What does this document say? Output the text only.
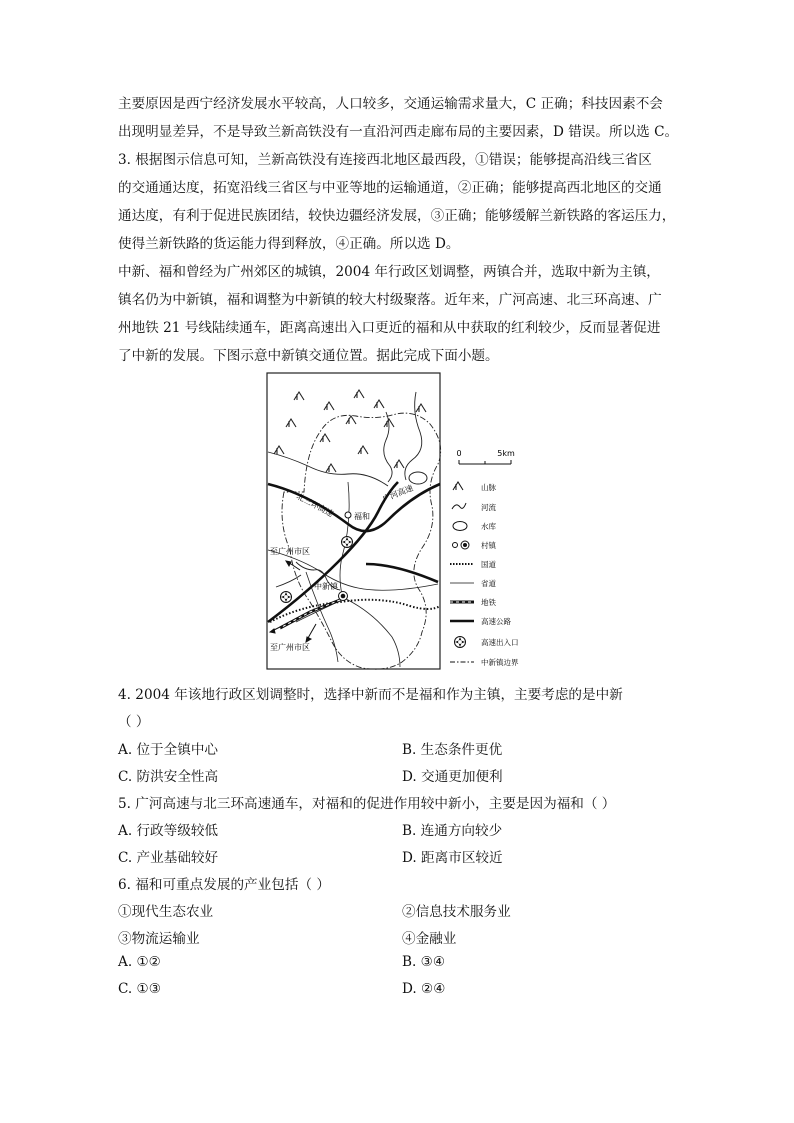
主要原因是西宁经济发展水平较高，人口较多，交通运输需求量大，C 正确；科技因素不会
出现明显差异，不是导致兰新高铁没有一直沿河西走廊布局的主要因素，D 错误。所以选 C。
3. 根据图示信息可知，兰新高铁没有连接西北地区最西段，①错误；能够提高沿线三省区
的交通通达度，拓宽沿线三省区与中亚等地的运输通道，②正确；能够提高西北地区的交通
通达度，有利于促进民族团结，较快边疆经济发展，③正确；能够缓解兰新铁路的客运压力，
使得兰新铁路的货运能力得到释放，④正确。所以选 D。
中新、福和曾经为广州郊区的城镇，2004 年行政区划调整，两镇合并，选取中新为主镇，
镇名仍为中新镇，福和调整为中新镇的较大村级聚落。近年来，广河高速、北三环高速、广
州地铁 21 号线陆续通车，距离高速出入口更近的福和从中获取的红利较少，反而显著促进
了中新的发展。下图示意中新镇交通位置。据此完成下面小题。
北三环高速	广河高速
福和
至广州市区
中新镇
至广州市区
0	5km
山脉
河流
水库
村镇
国道
省道
地铁
高速公路
高速出入口
中新镇边界
4. 2004 年该地行政区划调整时，选择中新而不是福和作为主镇，主要考虑的是中新
（ ）
A. 位于全镇中心	B. 生态条件更优
C. 防洪安全性高	D. 交通更加便利
5. 广河高速与北三环高速通车，对福和的促进作用较中新小，主要是因为福和（ ）
A. 行政等级较低	B. 连通方向较少
C. 产业基础较好	D. 距离市区较近
6. 福和可重点发展的产业包括（ ）
①现代生态农业	②信息技术服务业
③物流运输业	④金融业
A. ①②	B. ③④
C. ①③	D. ②④
